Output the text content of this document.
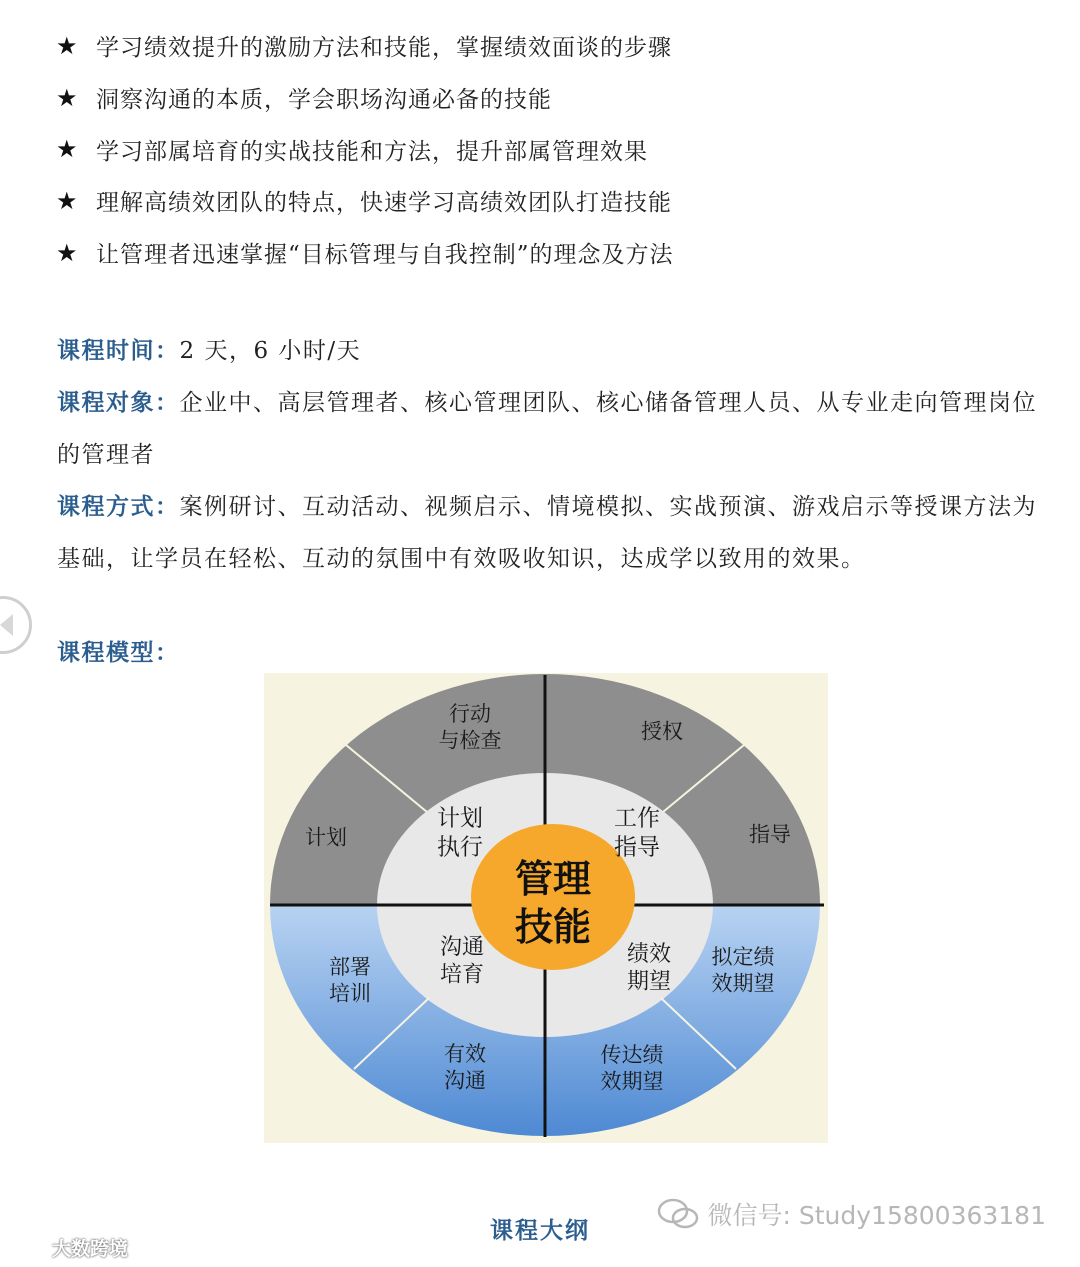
★ 学习绩效提升的激励方法和技能，掌握绩效面谈的步骤
★ 洞察沟通的本质，学会职场沟通必备的技能
★ 学习部属培育的实战技能和方法，提升部属管理效果
★ 理解高绩效团队的特点，快速学习高绩效团队打造技能
★ 让管理者迅速掌握“目标管理与自我控制”的理念及方法

课程时间：2 天，6 小时/天

课程对象：企业中、高层管理者、核心管理团队、核心储备管理人员、从专业走向管理岗位的管理者

课程方式：案例研讨、互动活动、视频启示、情境模拟、实战预演、游戏启示等授课方法为基础，让学员在轻松、互动的氛围中有效吸收知识，达成学以致用的效果。

课程模型：
管理
技能
计划
执行
工作
指导
沟通
培育
绩效
期望
计划
行动
与检查	授权
指导
拟定绩
效期望
传达绩
效期望
有效
沟通
部署
培训
课程大纲
微信号: Study15800363181
大数跨境
